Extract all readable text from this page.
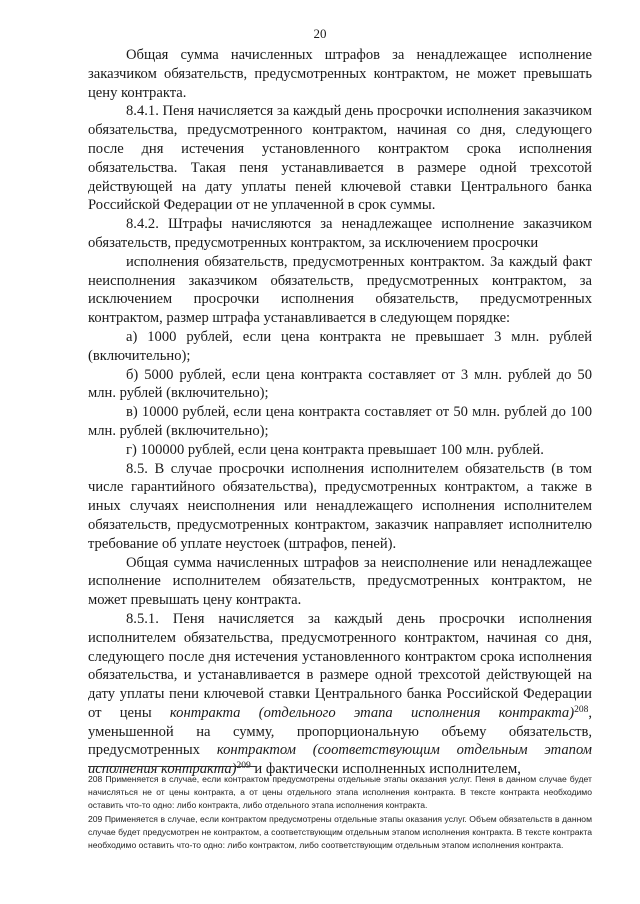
20

Общая сумма начисленных штрафов за ненадлежащее исполнение заказчиком обязательств, предусмотренных контрактом, не может превышать цену контракта.

8.4.1. Пеня начисляется за каждый день просрочки исполнения заказчиком обязательства, предусмотренного контрактом, начиная со дня, следующего после дня истечения установленного контрактом срока исполнения обязательства. Такая пеня устанавливается в размере одной трехсотой действующей на дату уплаты пеней ключевой ставки Центрального банка Российской Федерации от не уплаченной в срок суммы.

8.4.2. Штрафы начисляются за ненадлежащее исполнение заказчиком обязательств, предусмотренных контрактом, за исключением просрочки

исполнения обязательств, предусмотренных контрактом. За каждый факт неисполнения заказчиком обязательств, предусмотренных контрактом, за исключением просрочки исполнения обязательств, предусмотренных контрактом, размер штрафа устанавливается в следующем порядке:

а) 1000 рублей, если цена контракта не превышает 3 млн. рублей (включительно);

б) 5000 рублей, если цена контракта составляет от 3 млн. рублей до 50 млн. рублей (включительно);

в) 10000 рублей, если цена контракта составляет от 50 млн. рублей до 100 млн. рублей (включительно);

г) 100000 рублей, если цена контракта превышает 100 млн. рублей.

8.5. В случае просрочки исполнения исполнителем обязательств (в том числе гарантийного обязательства), предусмотренных контрактом, а также в иных случаях неисполнения или ненадлежащего исполнения исполнителем обязательств, предусмотренных контрактом, заказчик направляет исполнителю требование об уплате неустоек (штрафов, пеней).

Общая сумма начисленных штрафов за неисполнение или ненадлежащее исполнение исполнителем обязательств, предусмотренных контрактом, не может превышать цену контракта.

8.5.1. Пеня начисляется за каждый день просрочки исполнения исполнителем обязательства, предусмотренного контрактом, начиная со дня, следующего после дня истечения установленного контрактом срока исполнения обязательства, и устанавливается в размере одной трехсотой действующей на дату уплаты пени ключевой ставки Центрального банка Российской Федерации от цены контракта (отдельного этапа исполнения контракта)$^{208}$, уменьшенной на сумму, пропорциональную объему обязательств, предусмотренных контрактом (соответствующим отдельным этапом исполнения контракта)$^{209}$ и фактически исполненных исполнителем,

208 Применяется в случае, если контрактом предусмотрены отдельные этапы оказания услуг. Пеня в данном случае будет начисляться не от цены контракта, а от цены отдельного этапа исполнения контракта. В тексте контракта необходимо оставить что-то одно: либо контракта, либо отдельного этапа исполнения контракта.

209 Применяется в случае, если контрактом предусмотрены отдельные этапы оказания услуг. Объем обязательств в данном случае будет предусмотрен не контрактом, а соответствующим отдельным этапом исполнения контракта. В тексте контракта необходимо оставить что-то одно: либо контрактом, либо соответствующим отдельным этапом исполнения контракта.
